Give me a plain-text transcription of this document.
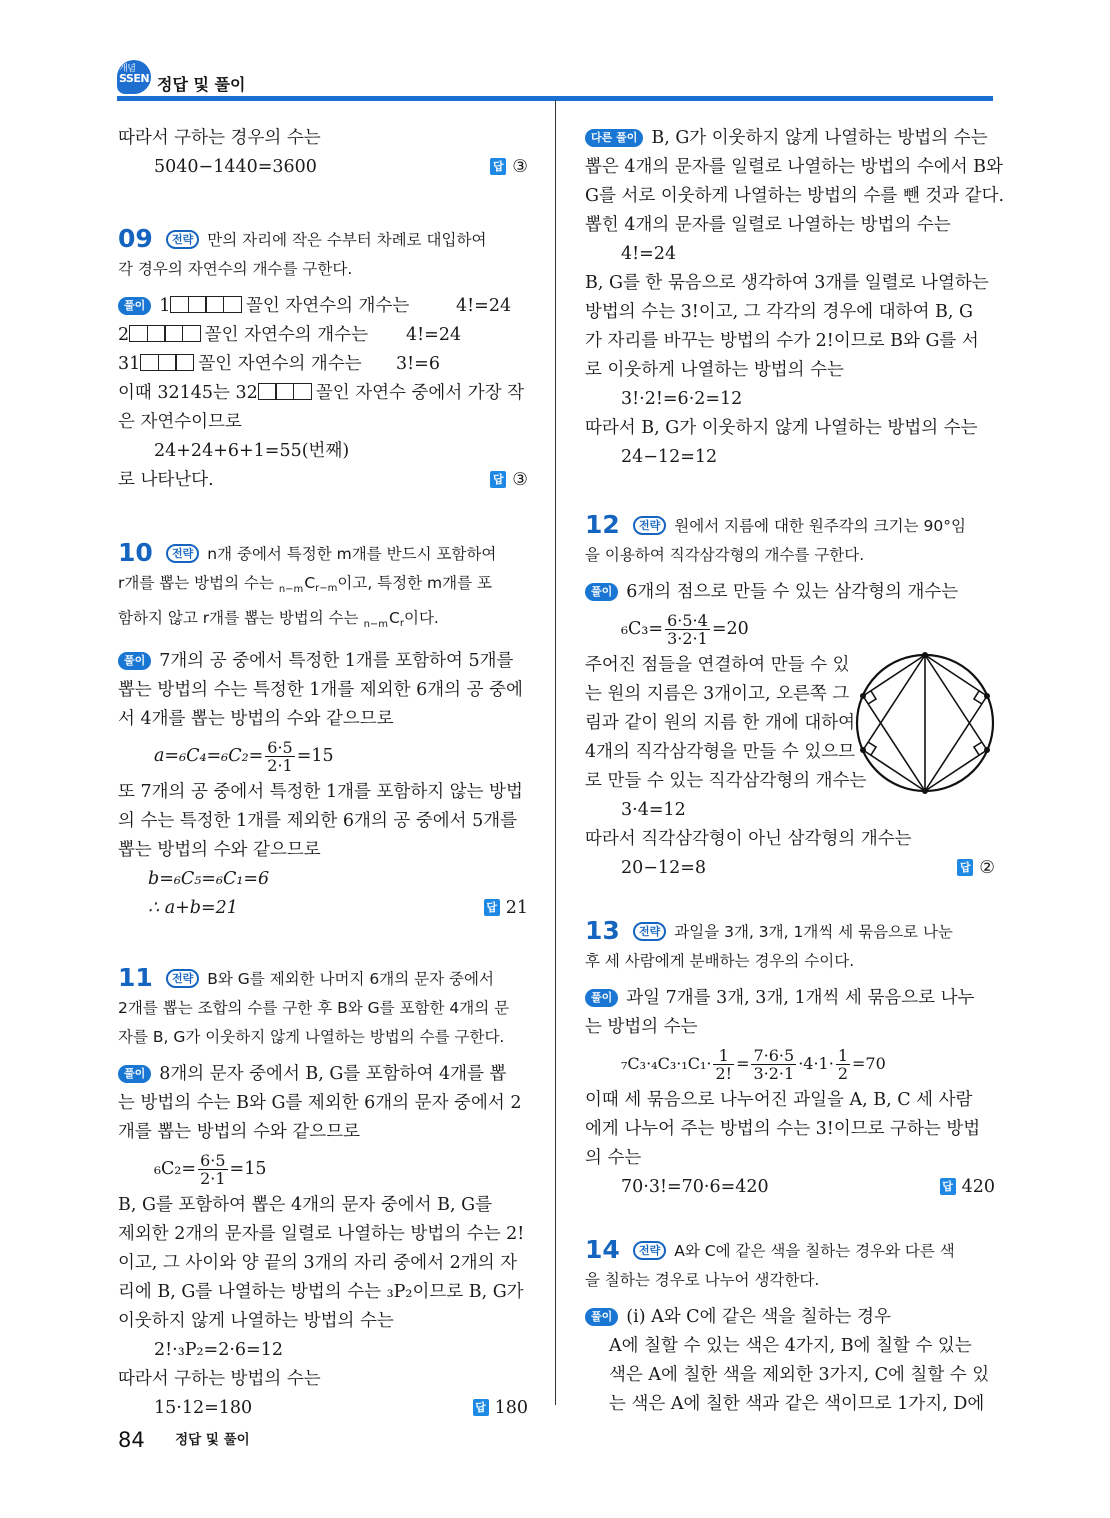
개념
SSEN 정답 및 풀이
따라서 구하는 경우의 수는
5040−1440=3600	답 ③
09 전략 만의 자리에 작은 수부터 차례로 대입하여
각 경우의 자연수의 개수를 구한다.
풀이 1	꼴인 자연수의 개수는	4!=24
2	꼴인 자연수의 개수는 4!=24
31	꼴인 자연수의 개수는 3!=6
이때 32145는 32	꼴인 자연수 중에서 가장 작
은 자연수이므로
24+24+6+1=55(번째)
로 나타난다.	답 ③
10 전략 n개 중에서 특정한 m개를 반드시 포함하여
r개를 뽑는 방법의 수는 $_{n-m}C_{r-m}$이고, 특정한 m개를 포
함하지 않고 r개를 뽑는 방법의 수는 $_{n-m}C_r$이다.
풀이 7개의 공 중에서 특정한 1개를 포함하여 5개를
뽑는 방법의 수는 특정한 1개를 제외한 6개의 공 중에
서 4개를 뽑는 방법의 수와 같으므로
$a=_6C_4=_6C_2= \frac{6\cdot 5}{2\cdot 1} =15$
또 7개의 공 중에서 특정한 1개를 포함하지 않는 방법
의 수는 특정한 1개를 제외한 6개의 공 중에서 5개를
뽑는 방법의 수와 같으므로
b=₆C₅=₆C₁=6
∴ a+b=21	답 21
11 전략 B와 G를 제외한 나머지 6개의 문자 중에서
2개를 뽑는 조합의 수를 구한 후 B와 G를 포함한 4개의 문
자를 B, G가 이웃하지 않게 나열하는 방법의 수를 구한다.
풀이 8개의 문자 중에서 B, G를 포함하여 4개를 뽑
는 방법의 수는 B와 G를 제외한 6개의 문자 중에서 2
개를 뽑는 방법의 수와 같으므로
$_6C_2= \frac{6\cdot 5}{2\cdot 1} =15$
B, G를 포함하여 뽑은 4개의 문자 중에서 B, G를
제외한 2개의 문자를 일렬로 나열하는 방법의 수는 2!
이고, 그 사이와 양 끝의 3개의 자리 중에서 2개의 자
리에 B, G를 나열하는 방법의 수는 ₃P₂이므로 B, G가
이웃하지 않게 나열하는 방법의 수는
2!·₃P₂=2·6=12
따라서 구하는 방법의 수는
15·12=180	답 180
다른 풀이 B, G가 이웃하지 않게 나열하는 방법의 수는
뽑은 4개의 문자를 일렬로 나열하는 방법의 수에서 B와
G를 서로 이웃하게 나열하는 방법의 수를 뺀 것과 같다.
뽑힌 4개의 문자를 일렬로 나열하는 방법의 수는
4!=24
B, G를 한 묶음으로 생각하여 3개를 일렬로 나열하는
방법의 수는 3!이고, 그 각각의 경우에 대하여 B, G
가 자리를 바꾸는 방법의 수가 2!이므로 B와 G를 서
로 이웃하게 나열하는 방법의 수는
3!·2!=6·2=12
따라서 B, G가 이웃하지 않게 나열하는 방법의 수는
24−12=12
12 전략 원에서 지름에 대한 원주각의 크기는 90°임
을 이용하여 직각삼각형의 개수를 구한다.
풀이 6개의 점으로 만들 수 있는 삼각형의 개수는
$_6C_3= \frac{6\cdot 5\cdot 4}{3\cdot 2\cdot 1} =20$
주어진 점들을 연결하여 만들 수 있
는 원의 지름은 3개이고, 오른쪽 그
림과 같이 원의 지름 한 개에 대하여
4개의 직각삼각형을 만들 수 있으므
로 만들 수 있는 직각삼각형의 개수는
3·4=12
따라서 직각삼각형이 아닌 삼각형의 개수는
20−12=8	답 ②
13 전략 과일을 3개, 3개, 1개씩 세 묶음으로 나눈
후 세 사람에게 분배하는 경우의 수이다.
풀이 과일 7개를 3개, 3개, 1개씩 세 묶음으로 나누
는 방법의 수는
$_7C_3\cdot_4C_3\cdot_1C_1\cdot \frac{1}{2!} = \frac{7\cdot 6\cdot 5}{3\cdot 2\cdot 1} \cdot 4\cdot 1\cdot \frac{1}{2} =70$
이때 세 묶음으로 나누어진 과일을 A, B, C 세 사람
에게 나누어 주는 방법의 수는 3!이므로 구하는 방법
의 수는
70·3!=70·6=420	답 420
14 전략 A와 C에 같은 색을 칠하는 경우와 다른 색
을 칠하는 경우로 나누어 생각한다.
풀이 (i) A와 C에 같은 색을 칠하는 경우
A에 칠할 수 있는 색은 4가지, B에 칠할 수 있는
색은 A에 칠한 색을 제외한 3가지, C에 칠할 수 있
는 색은 A에 칠한 색과 같은 색이므로 1가지, D에
84 정답 및 풀이
